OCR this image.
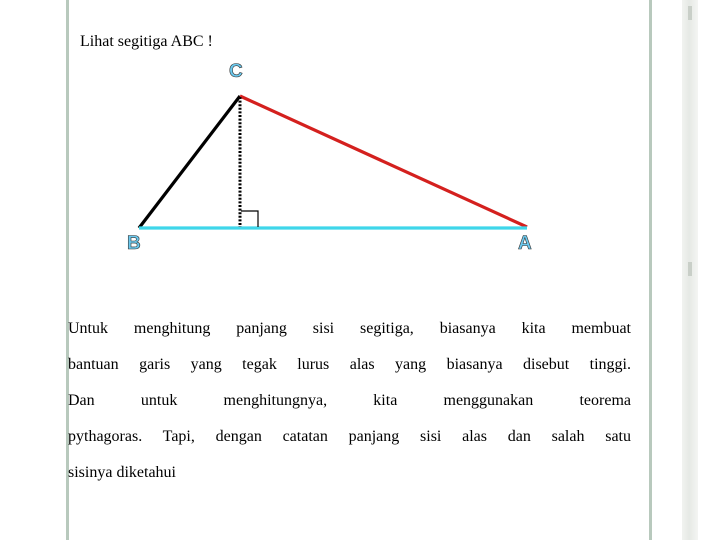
Lihat segitiga ABC !
C
B	A
Untuk menghitung panjang sisi segitiga, biasanya kita membuat
bantuan garis yang tegak lurus alas yang biasanya disebut tinggi.
Dan untuk menghitungnya, kita menggunakan teorema
pythagoras. Tapi, dengan catatan panjang sisi alas dan salah satu
sisinya diketahui
